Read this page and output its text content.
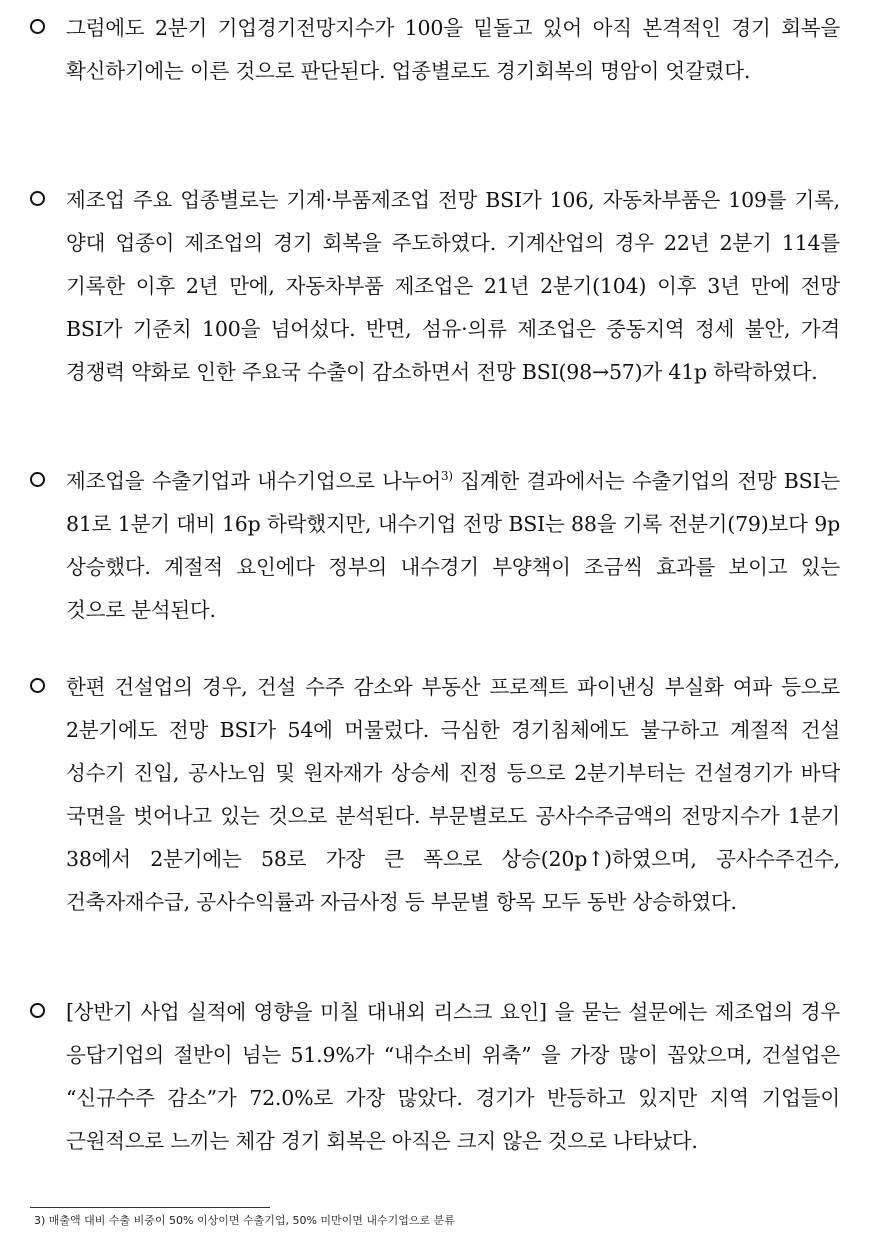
그럼에도 2분기 기업경기전망지수가 100을 밑돌고 있어 아직 본격적인 경기 회복을 확신하기에는 이른 것으로 판단된다. 업종별로도 경기회복의 명암이 엇갈렸다.

제조업 주요 업종별로는 기계·부품제조업 전망 BSI가 106, 자동차부품은 109를 기록, 양대 업종이 제조업의 경기 회복을 주도하였다. 기계산업의 경우 22년 2분기 114를 기록한 이후 2년 만에, 자동차부품 제조업은 21년 2분기(104) 이후 3년 만에 전망 BSI가 기준치 100을 넘어섰다. 반면, 섬유·의류 제조업은 중동지역 정세 불안, 가격 경쟁력 약화로 인한 주요국 수출이 감소하면서 전망 BSI(98→57)가 41p 하락하였다.

제조업을 수출기업과 내수기업으로 나누어$^{3)}$ 집계한 결과에서는 수출기업의 전망 BSI는 81로 1분기 대비 16p 하락했지만, 내수기업 전망 BSI는 88을 기록 전분기(79)보다 9p 상승했다. 계절적 요인에다 정부의 내수경기 부양책이 조금씩 효과를 보이고 있는 것으로 분석된다.

한편 건설업의 경우, 건설 수주 감소와 부동산 프로젝트 파이낸싱 부실화 여파 등으로 2분기에도 전망 BSI가 54에 머물렀다. 극심한 경기침체에도 불구하고 계절적 건설 성수기 진입, 공사노임 및 원자재가 상승세 진정 등으로 2분기부터는 건설경기가 바닥 국면을 벗어나고 있는 것으로 분석된다. 부문별로도 공사수주금액의 전망지수가 1분기 38에서 2분기에는 58로 가장 큰 폭으로 상승(20p↑)하였으며, 공사수주건수, 건축자재수급, 공사수익률과 자금사정 등 부문별 항목 모두 동반 상승하였다.

[상반기 사업 실적에 영향을 미칠 대내외 리스크 요인] 을 묻는 설문에는 제조업의 경우 응답기업의 절반이 넘는 51.9%가 “내수소비 위축” 을 가장 많이 꼽았으며, 건설업은 “신규수주 감소”가 72.0%로 가장 많았다. 경기가 반등하고 있지만 지역 기업들이 근원적으로 느끼는 체감 경기 회복은 아직은 크지 않은 것으로 나타났다.

3) 매출액 대비 수출 비중이 50% 이상이면 수출기업, 50% 미만이면 내수기업으로 분류
